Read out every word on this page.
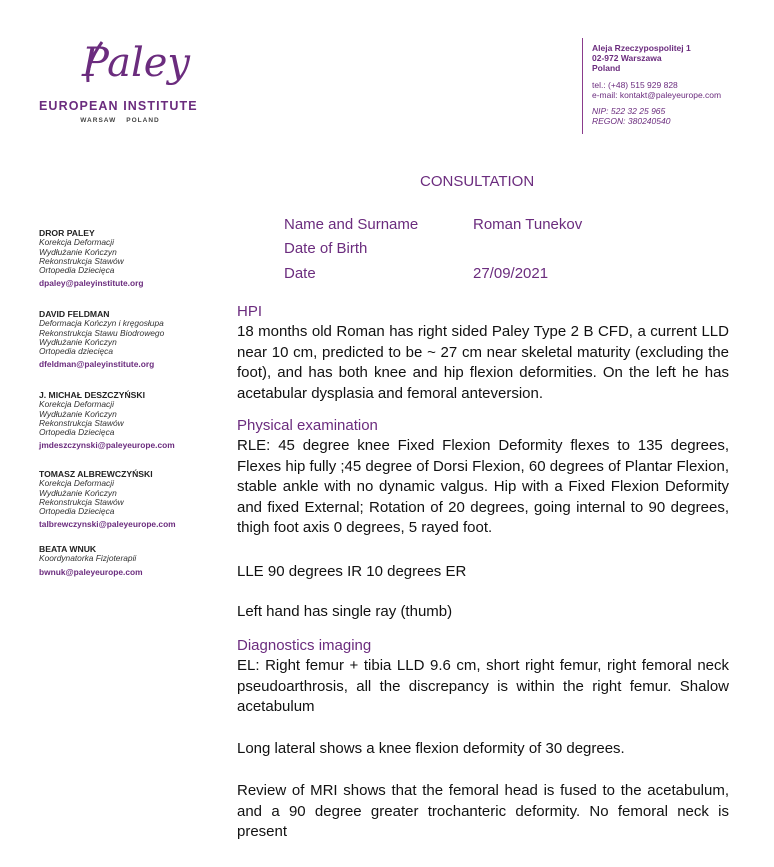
Paley
EUROPEAN INSTITUTE
WARSAW POLAND
Aleja Rzeczypospolitej 1
02-972 Warszawa
Poland
tel.: (+48) 515 929 828
e-mail: kontakt@paleyeurope.com
NIP: 522 32 25 965
REGON: 380240540
DROR PALEY
Korekcja Deformacji
Wydłużanie Kończyn
Rekonstrukcja Stawów
Ortopedia Dziecięca
dpaley@paleyinstitute.org
DAVID FELDMAN
Deformacja Kończyn i kręgosłupa
Rekonstrukcja Stawu Biodrowego
Wydłużanie Kończyn
Ortopedia dziecięca
dfeldman@paleyinstitute.org
J. MICHAŁ DESZCZYŃSKI
Korekcja Deformacji
Wydłużanie Kończyn
Rekonstrukcja Stawów
Ortopedia Dziecięca
jmdeszczynski@paleyeurope.com
TOMASZ ALBREWCZYŃSKI
Korekcja Deformacji
Wydłużanie Kończyn
Rekonstrukcja Stawów
Ortopedia Dziecięca
talbrewczynski@paleyeurope.com
BEATA WNUK
Koordynatorka Fizjoterapii
bwnuk@paleyeurope.com
CONSULTATION
Name and Surname	Roman Tunekov
Date of Birth
Date	27/09/2021
HPI
18 months old Roman has right sided Paley Type 2 B CFD, a current LLD near 10 cm, predicted to be ~ 27 cm near skeletal maturity (excluding the foot), and has both knee and hip flexion deformities. On the left he has acetabular dysplasia and femoral anteversion.
Physical examination
RLE: 45 degree knee Fixed Flexion Deformity flexes to 135 degrees, Flexes hip fully ;45 degree of Dorsi Flexion, 60 degrees of Plantar Flexion, stable ankle with no dynamic valgus. Hip with a Fixed Flexion Deformity and fixed External; Rotation of 20 degrees, going internal to 90 degrees, thigh foot axis 0 degrees, 5 rayed foot.
LLE 90 degrees IR 10 degrees ER
Left hand has single ray (thumb)
Diagnostics imaging
EL: Right femur + tibia LLD 9.6 cm, short right femur, right femoral neck pseudoarthrosis, all the discrepancy is within the right femur. Shalow acetabulum
Long lateral shows a knee flexion deformity of 30 degrees.
Review of MRI shows that the femoral head is fused to the acetabulum, and a 90 degree greater trochanteric deformity. No femoral neck is present
